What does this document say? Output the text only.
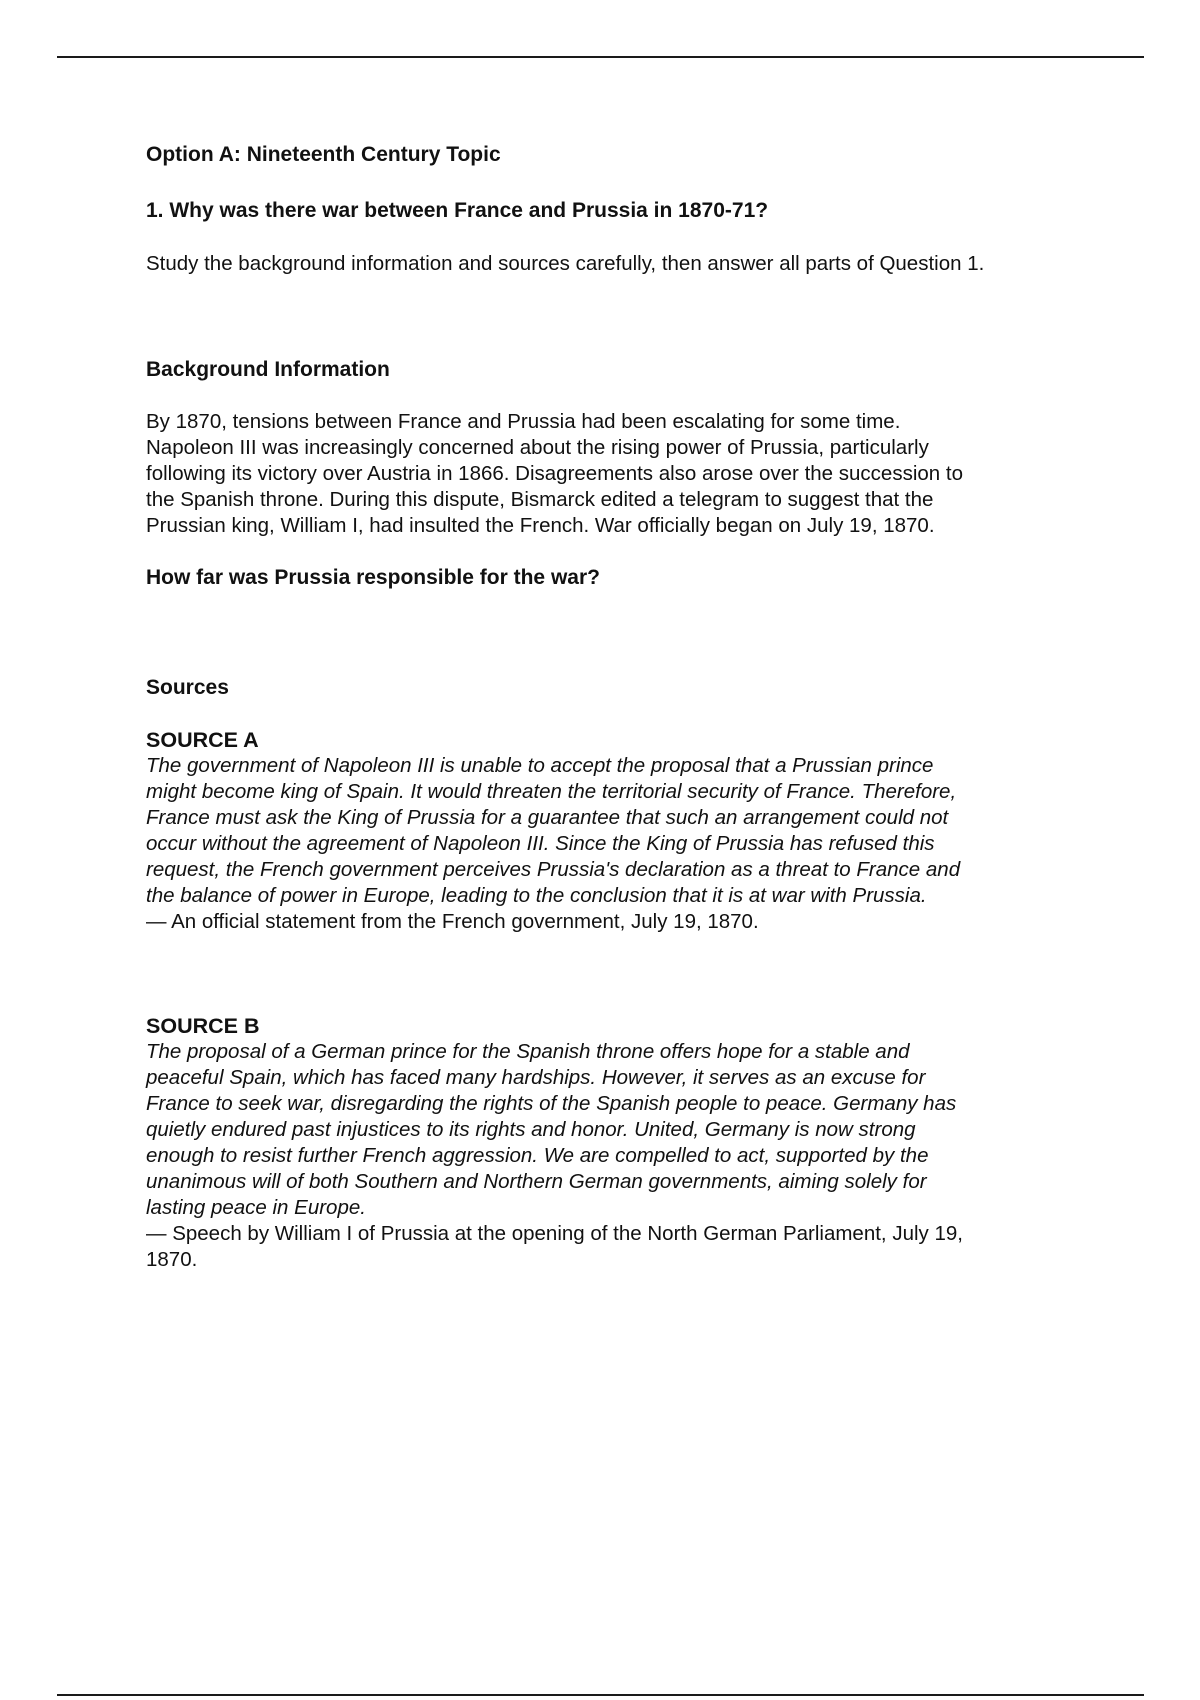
Option A: Nineteenth Century Topic
1. Why was there war between France and Prussia in 1870-71?

Study the background information and sources carefully, then answer all parts of Question 1.

Background Information
By 1870, tensions between France and Prussia had been escalating for some time.
Napoleon III was increasingly concerned about the rising power of Prussia, particularly
following its victory over Austria in 1866. Disagreements also arose over the succession to
the Spanish throne. During this dispute, Bismarck edited a telegram to suggest that the
Prussian king, William I, had insulted the French. War officially began on July 19, 1870.
How far was Prussia responsible for the war?
Sources
SOURCE A
The government of Napoleon III is unable to accept the proposal that a Prussian prince
might become king of Spain. It would threaten the territorial security of France. Therefore,
France must ask the King of Prussia for a guarantee that such an arrangement could not
occur without the agreement of Napoleon III. Since the King of Prussia has refused this
request, the French government perceives Prussia's declaration as a threat to France and
the balance of power in Europe, leading to the conclusion that it is at war with Prussia.
— An official statement from the French government, July 19, 1870.
SOURCE B
The proposal of a German prince for the Spanish throne offers hope for a stable and
peaceful Spain, which has faced many hardships. However, it serves as an excuse for
France to seek war, disregarding the rights of the Spanish people to peace. Germany has
quietly endured past injustices to its rights and honor. United, Germany is now strong
enough to resist further French aggression. We are compelled to act, supported by the
unanimous will of both Southern and Northern German governments, aiming solely for
lasting peace in Europe.
— Speech by William I of Prussia at the opening of the North German Parliament, July 19,
1870.
